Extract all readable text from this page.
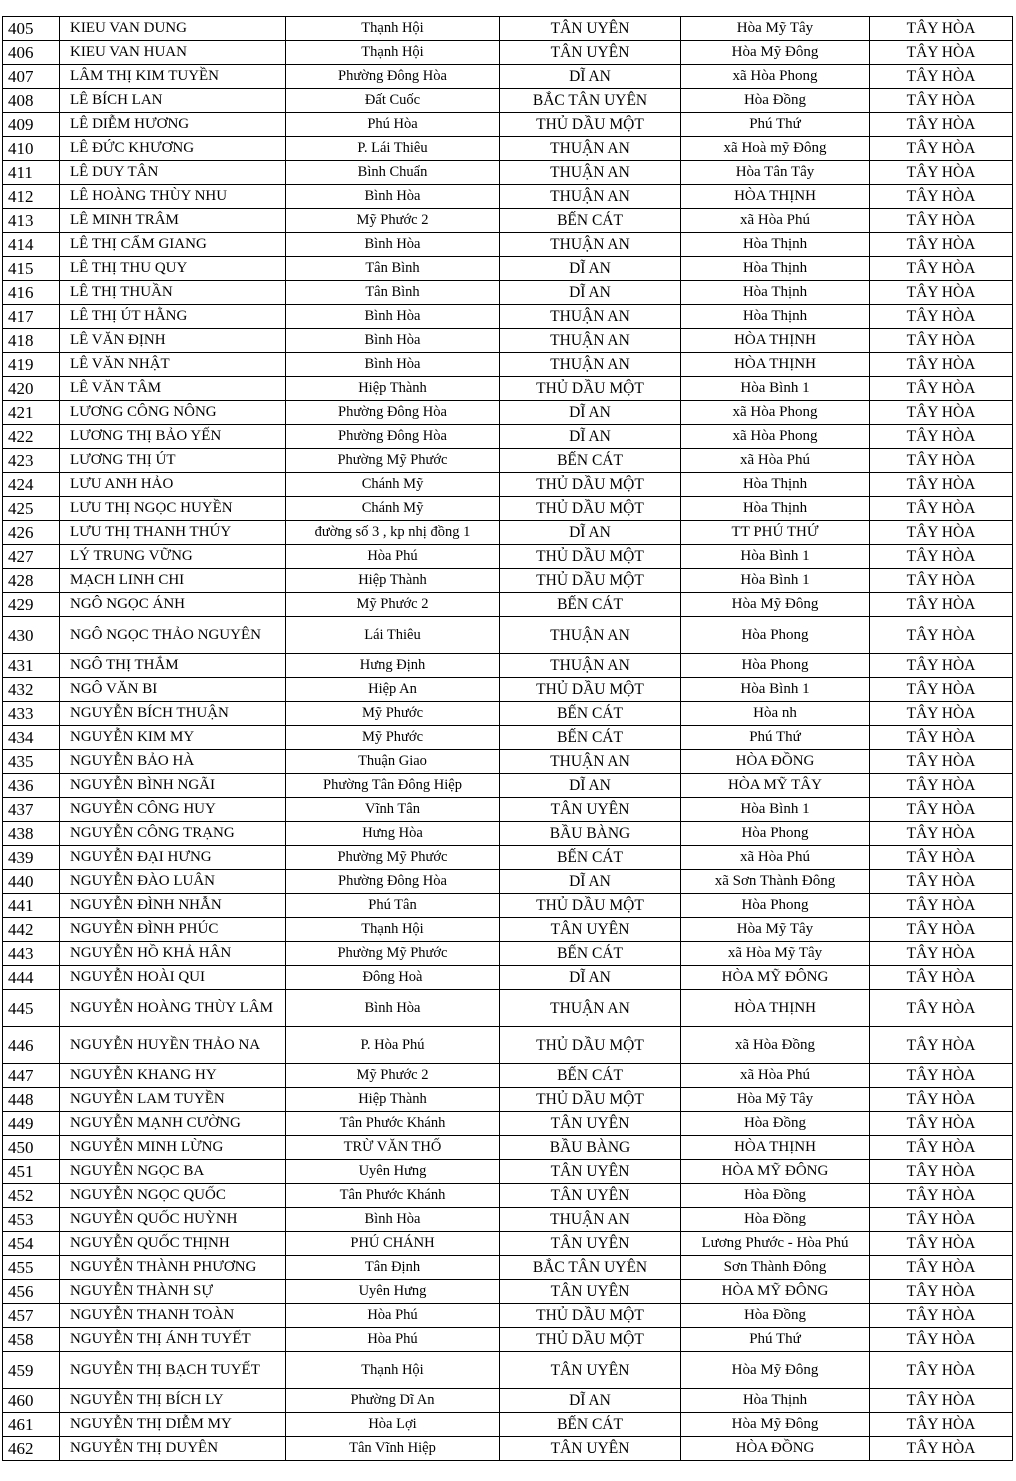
405	KIEU VAN DUNG	Thạnh Hội	TÂN UYÊN	Hòa Mỹ Tây	TÂY HÒA
406	KIEU VAN HUAN	Thạnh Hội	TÂN UYÊN	Hòa Mỹ Đông	TÂY HÒA
407	LÂM THỊ KIM TUYỀN	Phường Đông Hòa	DĨ AN	xã Hòa Phong	TÂY HÒA
408	LÊ BÍCH LAN	Đất Cuốc	BẮC TÂN UYÊN	Hòa Đồng	TÂY HÒA
409	LÊ DIỄM HƯƠNG	Phú Hòa	THỦ DẦU MỘT	Phú Thứ	TÂY HÒA
410	LÊ ĐỨC KHƯƠNG	P. Lái Thiêu	THUẬN AN	xã Hoà mỹ Đông	TÂY HÒA
411	LÊ DUY TÂN	Bình Chuẩn	THUẬN AN	Hòa Tân Tây	TÂY HÒA
412	LÊ HOÀNG THÙY NHU	Bình Hòa	THUẬN AN	HÒA THỊNH	TÂY HÒA
413	LÊ MINH TRÂM	Mỹ Phước 2	BẾN CÁT	xã Hòa Phú	TÂY HÒA
414	LÊ THỊ CẨM GIANG	Bình Hòa	THUẬN AN	Hòa Thịnh	TÂY HÒA
415	LÊ THỊ THU QUY	Tân Bình	DĨ AN	Hòa Thịnh	TÂY HÒA
416	LÊ THỊ THUẦN	Tân Bình	DĨ AN	Hòa Thịnh	TÂY HÒA
417	LÊ THỊ ÚT HẰNG	Bình Hòa	THUẬN AN	Hòa Thịnh	TÂY HÒA
418	LÊ VĂN ĐỊNH	Bình Hòa	THUẬN AN	HÒA THỊNH	TÂY HÒA
419	LÊ VĂN NHẬT	Bình Hòa	THUẬN AN	HÒA THỊNH	TÂY HÒA
420	LÊ VĂN TÂM	Hiệp Thành	THỦ DẦU MỘT	Hòa Bình 1	TÂY HÒA
421	LƯƠNG CÔNG NÔNG	Phường Đông Hòa	DĨ AN	xã Hòa Phong	TÂY HÒA
422	LƯƠNG THỊ BẢO YẾN	Phường Đông Hòa	DĨ AN	xã Hòa Phong	TÂY HÒA
423	LƯƠNG THỊ ÚT	Phường Mỹ Phước	BẾN CÁT	xã Hòa Phú	TÂY HÒA
424	LƯU ANH HẢO	Chánh Mỹ	THỦ DẦU MỘT	Hòa Thịnh	TÂY HÒA
425	LƯU THỊ NGỌC HUYỀN	Chánh Mỹ	THỦ DẦU MỘT	Hòa Thịnh	TÂY HÒA
426	LƯU THỊ THANH THÚY	đường số 3 , kp nhị đồng 1	DĨ AN	TT PHÚ THỨ	TÂY HÒA
427	LÝ TRUNG VỮNG	Hòa Phú	THỦ DẦU MỘT	Hòa Bình 1	TÂY HÒA
428	MẠCH LINH CHI	Hiệp Thành	THỦ DẦU MỘT	Hòa Bình 1	TÂY HÒA
429	NGÔ NGỌC ÁNH	Mỹ Phước 2	BẾN CÁT	Hòa Mỹ Đông	TÂY HÒA
430	NGÔ NGỌC THẢO NGUYÊN	Lái Thiêu	THUẬN AN	Hòa Phong	TÂY HÒA
431	NGÔ THỊ THẮM	Hưng Định	THUẬN AN	Hòa Phong	TÂY HÒA
432	NGÔ VĂN BI	Hiệp An	THỦ DẦU MỘT	Hòa Bình 1	TÂY HÒA
433	NGUYỄN BÍCH THUẬN	Mỹ Phước	BẾN CÁT	Hòa nh	TÂY HÒA
434	NGUYỄN KIM MY	Mỹ Phước	BẾN CÁT	Phú Thứ	TÂY HÒA
435	NGUYỄN BẢO HÀ	Thuận Giao	THUẬN AN	HÒA ĐỒNG	TÂY HÒA
436	NGUYỄN BÌNH NGÃI	Phường Tân Đông Hiệp	DĨ AN	HÒA MỸ TÂY	TÂY HÒA
437	NGUYỄN CÔNG HUY	Vĩnh Tân	TÂN UYÊN	Hòa Bình 1	TÂY HÒA
438	NGUYỄN CÔNG TRẠNG	Hưng Hòa	BẦU BÀNG	Hòa Phong	TÂY HÒA
439	NGUYỄN ĐẠI HƯNG	Phường Mỹ Phước	BẾN CÁT	xã Hòa Phú	TÂY HÒA
440	NGUYỄN ĐÀO LUÂN	Phường Đông Hòa	DĨ AN	xã Sơn Thành Đông	TÂY HÒA
441	NGUYỄN ĐÌNH NHẪN	Phú Tân	THỦ DẦU MỘT	Hòa Phong	TÂY HÒA
442	NGUYỄN ĐÌNH PHÚC	Thạnh Hội	TÂN UYÊN	Hòa Mỹ Tây	TÂY HÒA
443	NGUYỄN HỒ KHẢ HÂN	Phường Mỹ Phước	BẾN CÁT	xã Hòa Mỹ Tây	TÂY HÒA
444	NGUYỄN HOÀI QUI	Đông Hoà	DĨ AN	HÒA MỸ ĐÔNG	TÂY HÒA
445	NGUYỄN HOÀNG THÙY LÂM	Bình Hòa	THUẬN AN	HÒA THỊNH	TÂY HÒA
446	NGUYỄN HUYỀN THẢO NA	P. Hòa Phú	THỦ DẦU MỘT	xã Hòa Đồng	TÂY HÒA
447	NGUYỄN KHANG HY	Mỹ Phước 2	BẾN CÁT	xã Hòa Phú	TÂY HÒA
448	NGUYỄN LAM TUYỀN	Hiệp Thành	THỦ DẦU MỘT	Hòa Mỹ Tây	TÂY HÒA
449	NGUYỄN MẠNH CƯỜNG	Tân Phước Khánh	TÂN UYÊN	Hòa Đồng	TÂY HÒA
450	NGUYỄN MINH LỪNG	TRỪ VĂN THỐ	BẦU BÀNG	HÒA THỊNH	TÂY HÒA
451	NGUYỄN NGỌC BA	Uyên Hưng	TÂN UYÊN	HÒA MỸ ĐÔNG	TÂY HÒA
452	NGUYỄN NGỌC QUỐC	Tân Phước Khánh	TÂN UYÊN	Hòa Đồng	TÂY HÒA
453	NGUYỄN QUỐC HUỲNH	Bình Hòa	THUẬN AN	Hòa Đồng	TÂY HÒA
454	NGUYỄN QUỐC THỊNH	PHÚ CHÁNH	TÂN UYÊN	Lương Phước - Hòa Phú	TÂY HÒA
455	NGUYỄN THÀNH PHƯƠNG	Tân Định	BẮC TÂN UYÊN	Sơn Thành Đông	TÂY HÒA
456	NGUYỄN THÀNH SỰ	Uyên Hưng	TÂN UYÊN	HÒA MỸ ĐÔNG	TÂY HÒA
457	NGUYỄN THANH TOÀN	Hòa Phú	THỦ DẦU MỘT	Hòa Đồng	TÂY HÒA
458	NGUYỄN THỊ ÁNH TUYẾT	Hòa Phú	THỦ DẦU MỘT	Phú Thứ	TÂY HÒA
459	NGUYỄN THỊ BẠCH TUYẾT	Thạnh Hội	TÂN UYÊN	Hòa Mỹ Đông	TÂY HÒA
460	NGUYỄN THỊ BÍCH LY	Phường Dĩ An	DĨ AN	Hòa Thịnh	TÂY HÒA
461	NGUYỄN THỊ DIỄM MY	Hòa Lợi	BẾN CÁT	Hòa Mỹ Đông	TÂY HÒA
462	NGUYỄN THỊ DUYÊN	Tân Vĩnh Hiệp	TÂN UYÊN	HÒA ĐỒNG	TÂY HÒA
